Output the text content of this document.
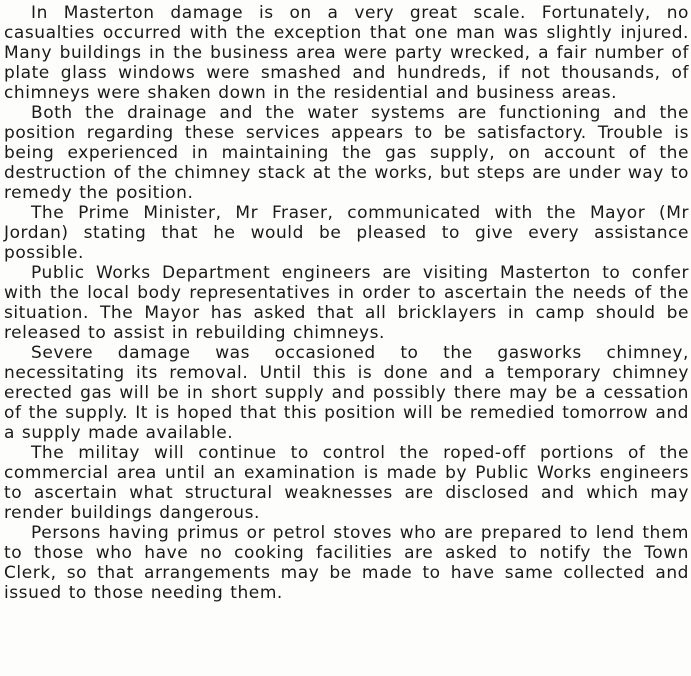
In Masterton damage is on a very great scale. Fortunately, no casualties occurred with the exception that one man was slightly injured. Many buildings in the business area were party wrecked, a fair number of plate glass windows were smashed and hundreds, if not thousands, of chimneys were shaken down in the residential and business areas.

Both the drainage and the water systems are functioning and the position regarding these services appears to be satisfactory. Trouble is being experienced in maintaining the gas supply, on account of the destruction of the chimney stack at the works, but steps are under way to remedy the position.

The Prime Minister, Mr Fraser, communicated with the Mayor (Mr Jordan) stating that he would be pleased to give every assistance possible.

Public Works Department engineers are visiting Masterton to confer with the local body representatives in order to ascertain the needs of the situation. The Mayor has asked that all bricklayers in camp should be released to assist in rebuilding chimneys.

Severe damage was occasioned to the gasworks chimney, necessitating its removal. Until this is done and a temporary chimney erected gas will be in short supply and possibly there may be a cessation of the supply. It is hoped that this position will be remedied tomorrow and a supply made available.

The militay will continue to control the roped-off portions of the commercial area until an examination is made by Public Works engineers to ascertain what structural weaknesses are disclosed and which may render buildings dangerous.

Persons having primus or petrol stoves who are prepared to lend them to those who have no cooking facilities are asked to notify the Town Clerk, so that arrangements may be made to have same collected and issued to those needing them.
